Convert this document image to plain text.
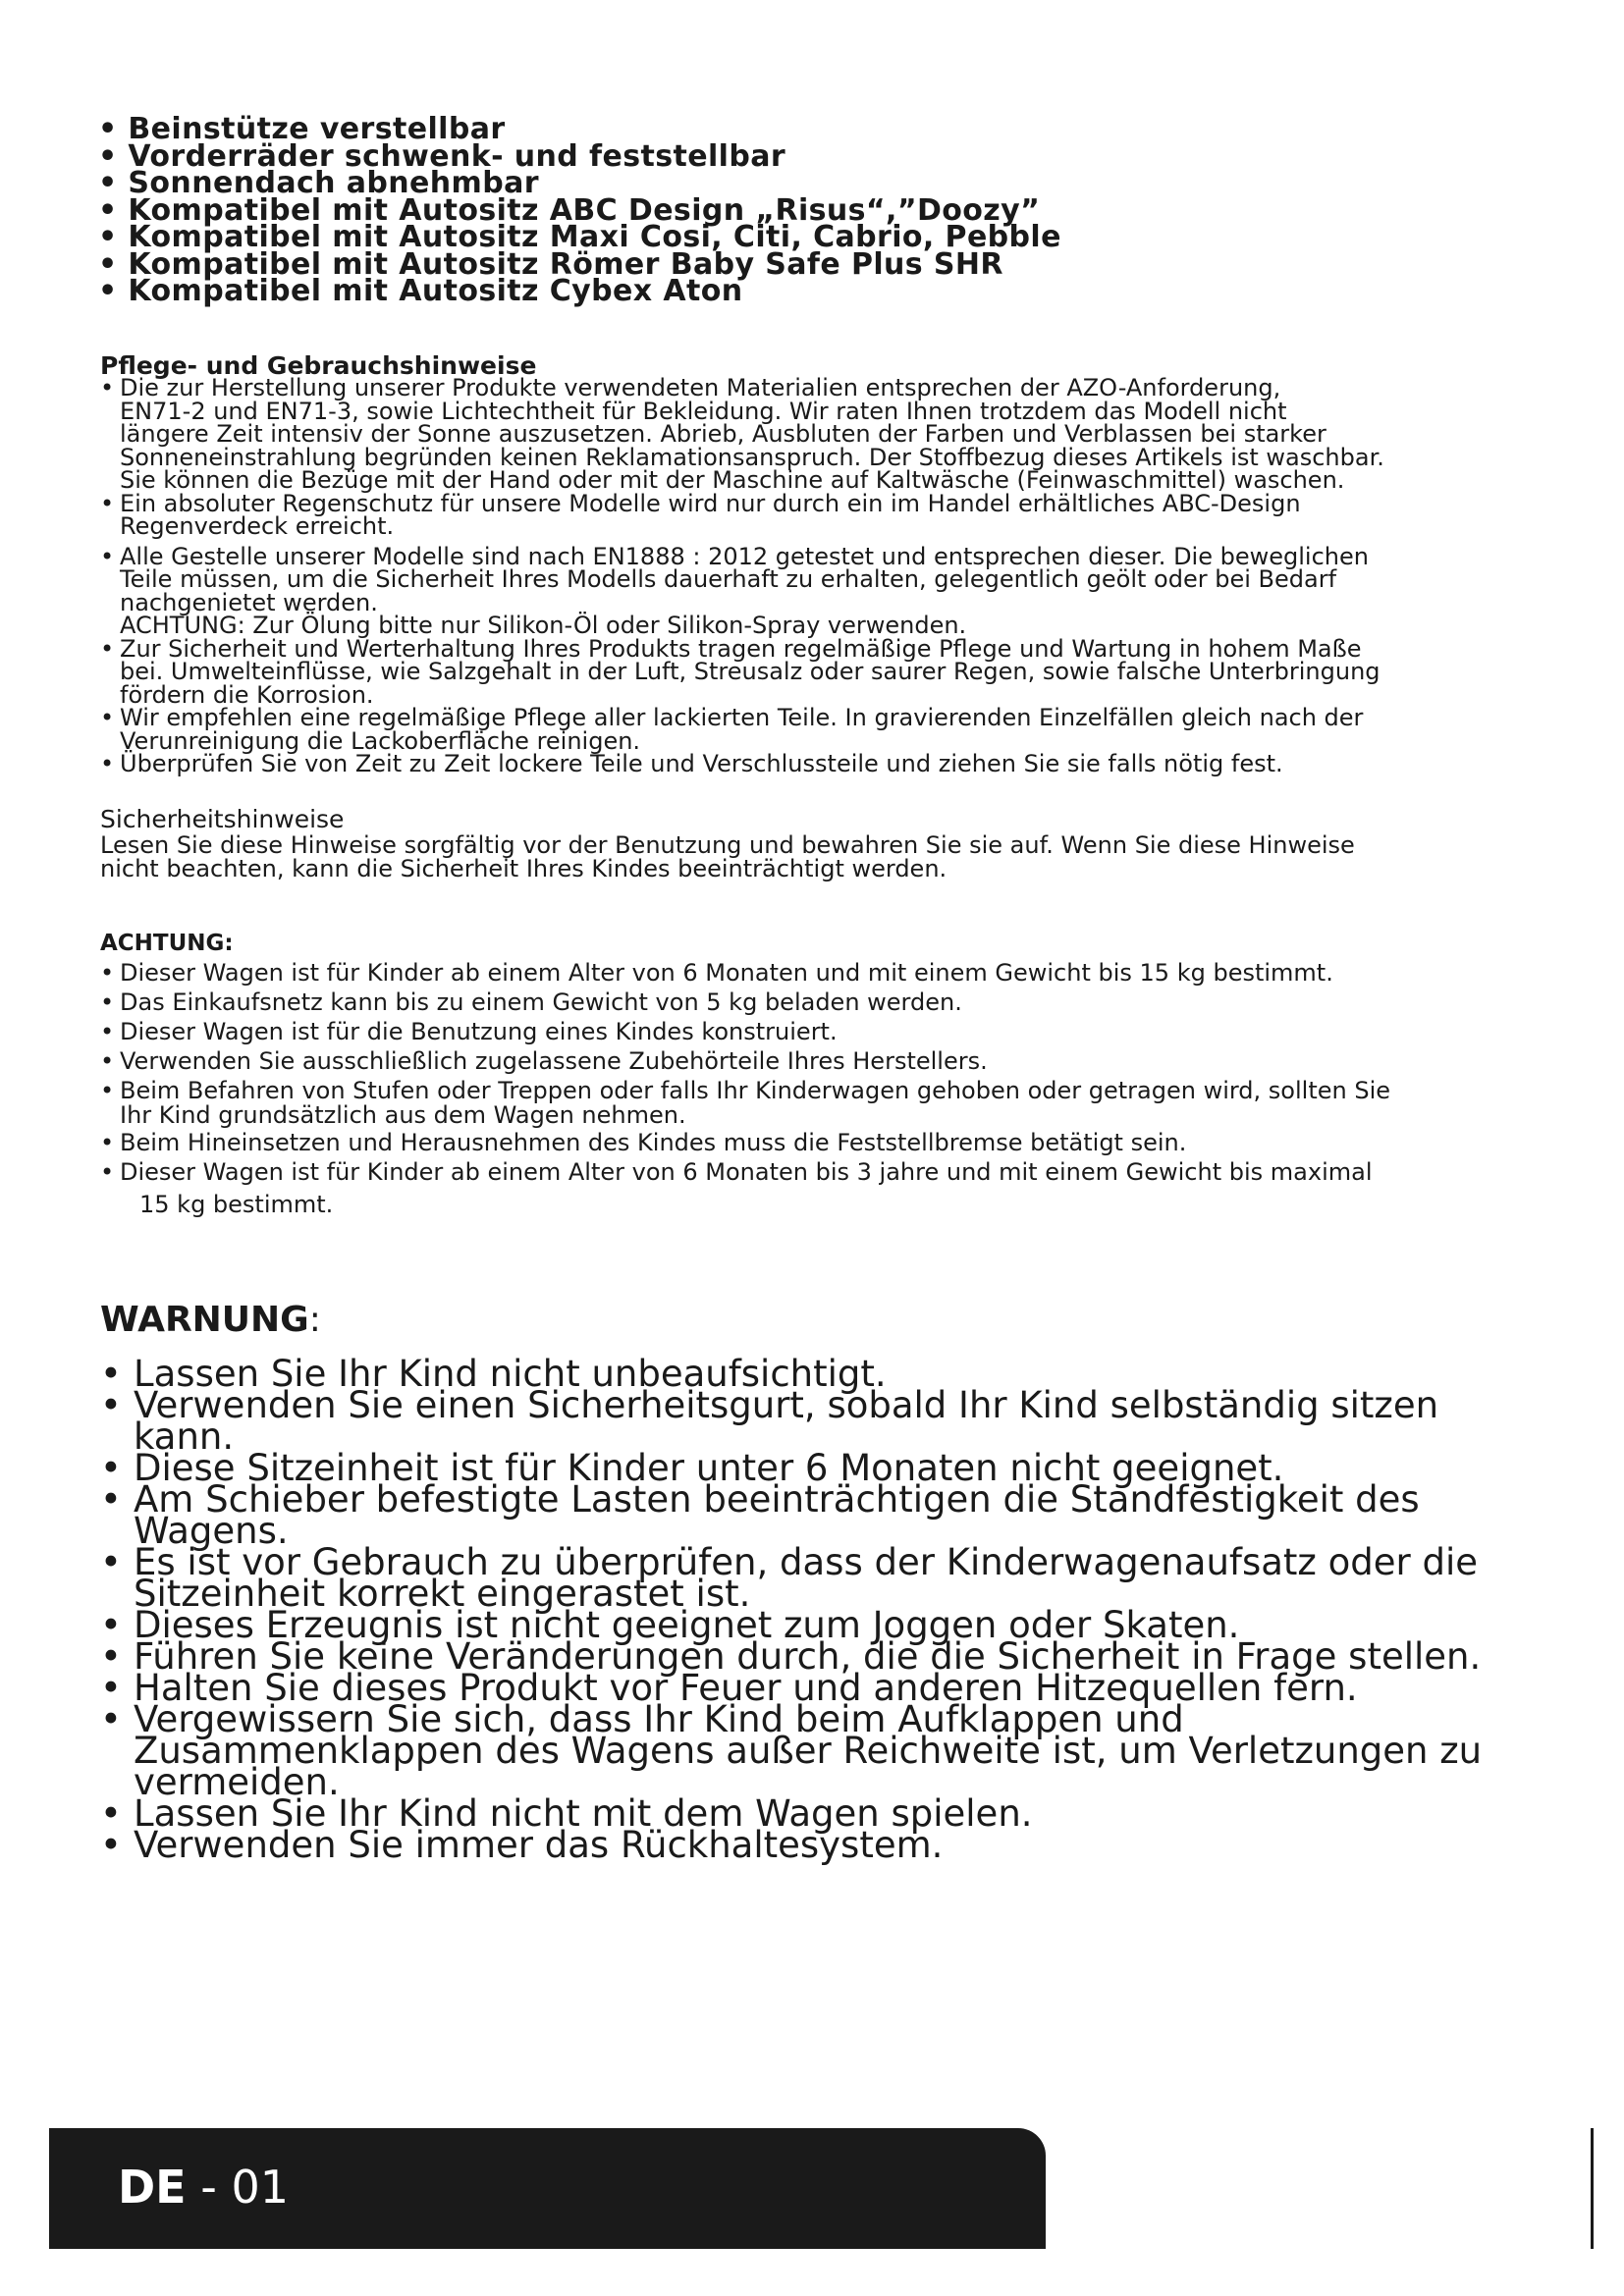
• Beinstütze verstellbar
• Vorderräder schwenk- und feststellbar
• Sonnendach abnehmbar
• Kompatibel mit Autositz ABC Design „Risus“,”Doozy”
• Kompatibel mit Autositz Maxi Cosi, Citi, Cabrio, Pebble
• Kompatibel mit Autositz Römer Baby Safe Plus SHR
• Kompatibel mit Autositz Cybex Aton
Pflege- und Gebrauchshinweise
• Die zur Herstellung unserer Produkte verwendeten Materialien entsprechen der AZO-Anforderung,
EN71-2 und EN71-3, sowie Lichtechtheit für Bekleidung. Wir raten Ihnen trotzdem das Modell nicht
längere Zeit intensiv der Sonne auszusetzen. Abrieb, Ausbluten der Farben und Verblassen bei starker
Sonneneinstrahlung begründen keinen Reklamationsanspruch. Der Stoffbezug dieses Artikels ist waschbar.
Sie können die Bezüge mit der Hand oder mit der Maschine auf Kaltwäsche (Feinwaschmittel) waschen.
• Ein absoluter Regenschutz für unsere Modelle wird nur durch ein im Handel erhältliches ABC-Design
Regenverdeck erreicht.
• Alle Gestelle unserer Modelle sind nach EN1888 : 2012 getestet und entsprechen dieser. Die beweglichen
Teile müssen, um die Sicherheit Ihres Modells dauerhaft zu erhalten, gelegentlich geölt oder bei Bedarf
nachgenietet werden.
ACHTUNG: Zur Ölung bitte nur Silikon-Öl oder Silikon-Spray verwenden.
• Zur Sicherheit und Werterhaltung Ihres Produkts tragen regelmäßige Pflege und Wartung in hohem Maße
bei. Umwelteinflüsse, wie Salzgehalt in der Luft, Streusalz oder saurer Regen, sowie falsche Unterbringung
fördern die Korrosion.
• Wir empfehlen eine regelmäßige Pflege aller lackierten Teile. In gravierenden Einzelfällen gleich nach der
Verunreinigung die Lackoberfläche reinigen.
• Überprüfen Sie von Zeit zu Zeit lockere Teile und Verschlussteile und ziehen Sie sie falls nötig fest.
Sicherheitshinweise
Lesen Sie diese Hinweise sorgfältig vor der Benutzung und bewahren Sie sie auf. Wenn Sie diese Hinweise
nicht beachten, kann die Sicherheit Ihres Kindes beeinträchtigt werden.
ACHTUNG:
• Dieser Wagen ist für Kinder ab einem Alter von 6 Monaten und mit einem Gewicht bis 15 kg bestimmt.
• Das Einkaufsnetz kann bis zu einem Gewicht von 5 kg beladen werden.
• Dieser Wagen ist für die Benutzung eines Kindes konstruiert.
• Verwenden Sie ausschließlich zugelassene Zubehörteile Ihres Herstellers.
• Beim Befahren von Stufen oder Treppen oder falls Ihr Kinderwagen gehoben oder getragen wird, sollten Sie
Ihr Kind grundsätzlich aus dem Wagen nehmen.
• Beim Hineinsetzen und Herausnehmen des Kindes muss die Feststellbremse betätigt sein.
• Dieser Wagen ist für Kinder ab einem Alter von 6 Monaten bis 3 jahre und mit einem Gewicht bis maximal
15 kg bestimmt.
WARNUNG:
• Lassen Sie Ihr Kind nicht unbeaufsichtigt.
• Verwenden Sie einen Sicherheitsgurt, sobald Ihr Kind selbständig sitzen
kann.
• Diese Sitzeinheit ist für Kinder unter 6 Monaten nicht geeignet.
• Am Schieber befestigte Lasten beeinträchtigen die Standfestigkeit des
Wagens.
• Es ist vor Gebrauch zu überprüfen, dass der Kinderwagenaufsatz oder die
Sitzeinheit korrekt eingerastet ist.
• Dieses Erzeugnis ist nicht geeignet zum Joggen oder Skaten.
• Führen Sie keine Veränderungen durch, die die Sicherheit in Frage stellen.
• Halten Sie dieses Produkt vor Feuer und anderen Hitzequellen fern.
• Vergewissern Sie sich, dass Ihr Kind beim Aufklappen und
Zusammenklappen des Wagens außer Reichweite ist, um Verletzungen zu
vermeiden.
• Lassen Sie Ihr Kind nicht mit dem Wagen spielen.
• Verwenden Sie immer das Rückhaltesystem.
DE - 01
